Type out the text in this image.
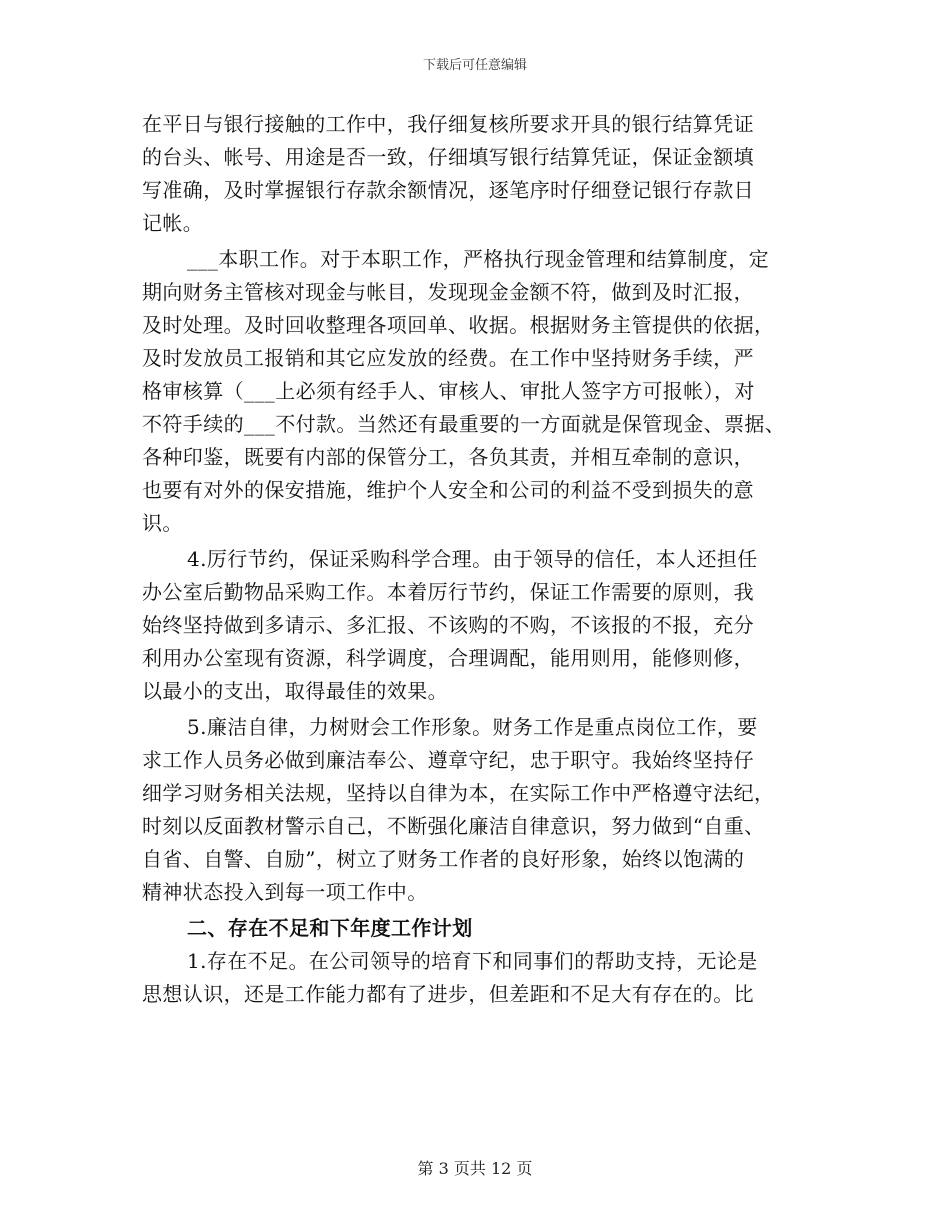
下载后可任意编辑
在平日与银行接触的工作中，我仔细复核所要求开具的银行结算凭证
的台头、帐号、用途是否一致，仔细填写银行结算凭证，保证金额填
写准确，及时掌握银行存款余额情况，逐笔序时仔细登记银行存款日
记帐。
___本职工作。对于本职工作，严格执行现金管理和结算制度，定
期向财务主管核对现金与帐目，发现现金金额不符，做到及时汇报，
及时处理。及时回收整理各项回单、收据。根据财务主管提供的依据，
及时发放员工报销和其它应发放的经费。在工作中坚持财务手续，严
格审核算（___上必须有经手人、审核人、审批人签字方可报帐），对
不符手续的___不付款。当然还有最重要的一方面就是保管现金、票据、
各种印鉴，既要有内部的保管分工，各负其责，并相互牵制的意识，
也要有对外的保安措施，维护个人安全和公司的利益不受到损失的意
识。
4.厉行节约，保证采购科学合理。由于领导的信任，本人还担任
办公室后勤物品采购工作。本着厉行节约，保证工作需要的原则，我
始终坚持做到多请示、多汇报、不该购的不购，不该报的不报，充分
利用办公室现有资源，科学调度，合理调配，能用则用，能修则修，
以最小的支出，取得最佳的效果。
5.廉洁自律，力树财会工作形象。财务工作是重点岗位工作，要
求工作人员务必做到廉洁奉公、遵章守纪，忠于职守。我始终坚持仔
细学习财务相关法规，坚持以自律为本，在实际工作中严格遵守法纪，
时刻以反面教材警示自己，不断强化廉洁自律意识，努力做到“自重、
自省、自警、自励”，树立了财务工作者的良好形象，始终以饱满的
精神状态投入到每一项工作中。
二、存在不足和下年度工作计划
1.存在不足。在公司领导的培育下和同事们的帮助支持，无论是
思想认识，还是工作能力都有了进步，但差距和不足大有存在的。比
第 3 页共 12 页
